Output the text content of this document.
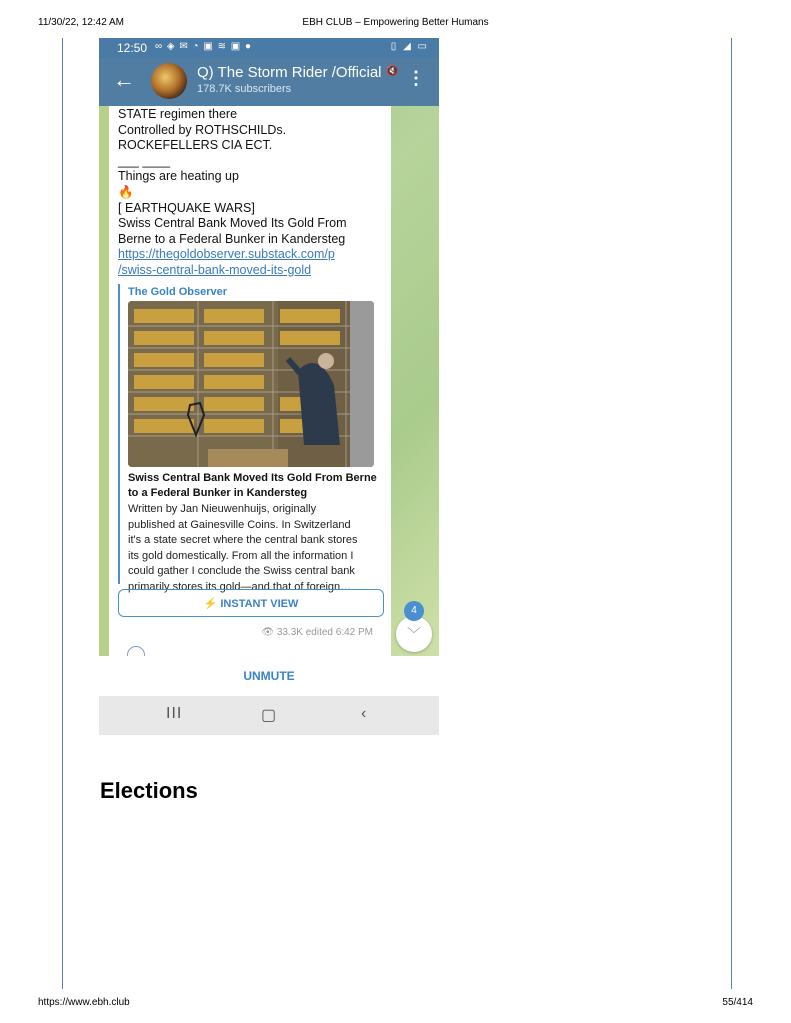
11/30/22, 12:42 AM	EBH CLUB – Empowering Better Humans
12:50 ∞ ◈ ✉ ◔ ▣ ≋ ▣ ●	▯ ◢ ▭
←	Q) The Storm Rider /Official 🔇
178.7K subscribers
⋮
STATE regimen there
Controlled by ROTHSCHILDs.
ROCKEFELLERS CIA ECT.
___ ____
Things are heating up
🔥
[ EARTHQUAKE WARS]
Swiss Central Bank Moved Its Gold From
Berne to a Federal Bunker in Kandersteg
https://thegoldobserver.substack.com/p
/swiss-central-bank-moved-its-gold
The Gold Observer
Swiss Central Bank Moved Its Gold From Berne
to a Federal Bunker in Kandersteg
Written by Jan Nieuwenhuijs, originally
published at Gainesville Coins. In Switzerland
it's a state secret where the central bank stores
its gold domestically. From all the information I
could gather I conclude the Swiss central bank
primarily stores its gold—and that of foreign…
⚡ INSTANT VIEW
👁 33.3K edited 6:42 PM	﹀
4
UNMUTE
III	▢	‹
Elections
https://www.ebh.club	55/414
